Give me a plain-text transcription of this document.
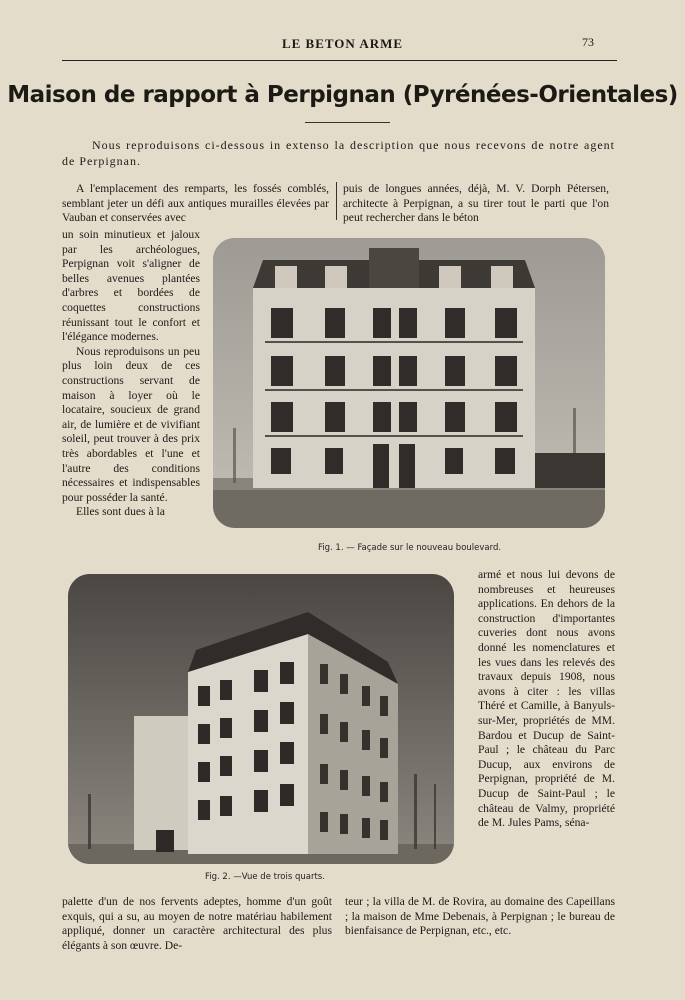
LE BETON ARME	73
Maison de rapport à Perpignan (Pyrénées-Orientales)

Nous reproduisons ci-dessous in extenso la description que nous recevons de notre agent de Perpignan.

A l'emplacement des remparts, les fossés comblés, semblant jeter un défi aux antiques murailles élevées par Vauban et conservées avec

puis de longues années, déjà, M. V. Dorph Pétersen, architecte à Perpignan, a su tirer tout le parti que l'on peut rechercher dans le béton

un soin minutieux et jaloux par les archéologues, Perpignan voit s'aligner de belles avenues plantées d'arbres et bordées de coquettes constructions réunissant tout le confort et l'élégance modernes.

Nous reproduisons un peu plus loin deux de ces constructions servant de maison à loyer où le locataire, soucieux de grand air, de lumière et de vivifiant soleil, peut trouver à des prix très abordables et l'une et l'autre des conditions nécessaires et indispensables pour posséder la santé.

Elles sont dues à la

Fig. 1. — Façade sur le nouveau boulevard.
Fig. 2. —Vue de trois quarts.

armé et nous lui devons de nombreuses et heureuses applications. En dehors de la construction d'importantes cuveries dont nous avons donné les nomenclatures et les vues dans les relevés des travaux depuis 1908, nous avons à citer : les villas Théré et Camille, à Banyuls-sur-Mer, propriétés de MM. Bardou et Ducup de Saint-Paul ; le château du Parc Ducup, aux environs de Perpignan, propriété de M. Ducup de Saint-Paul ; le château de Valmy, propriété de M. Jules Pams, séna-

palette d'un de nos fervents adeptes, homme d'un goût exquis, qui a su, au moyen de notre matériau habilement appliqué, donner un caractère architectural des plus élégants à son œuvre. De-

teur ; la villa de M. de Rovira, au domaine des Capeillans ; la maison de Mme Debenais, à Perpignan ; le bureau de bienfaisance de Perpignan, etc., etc.
